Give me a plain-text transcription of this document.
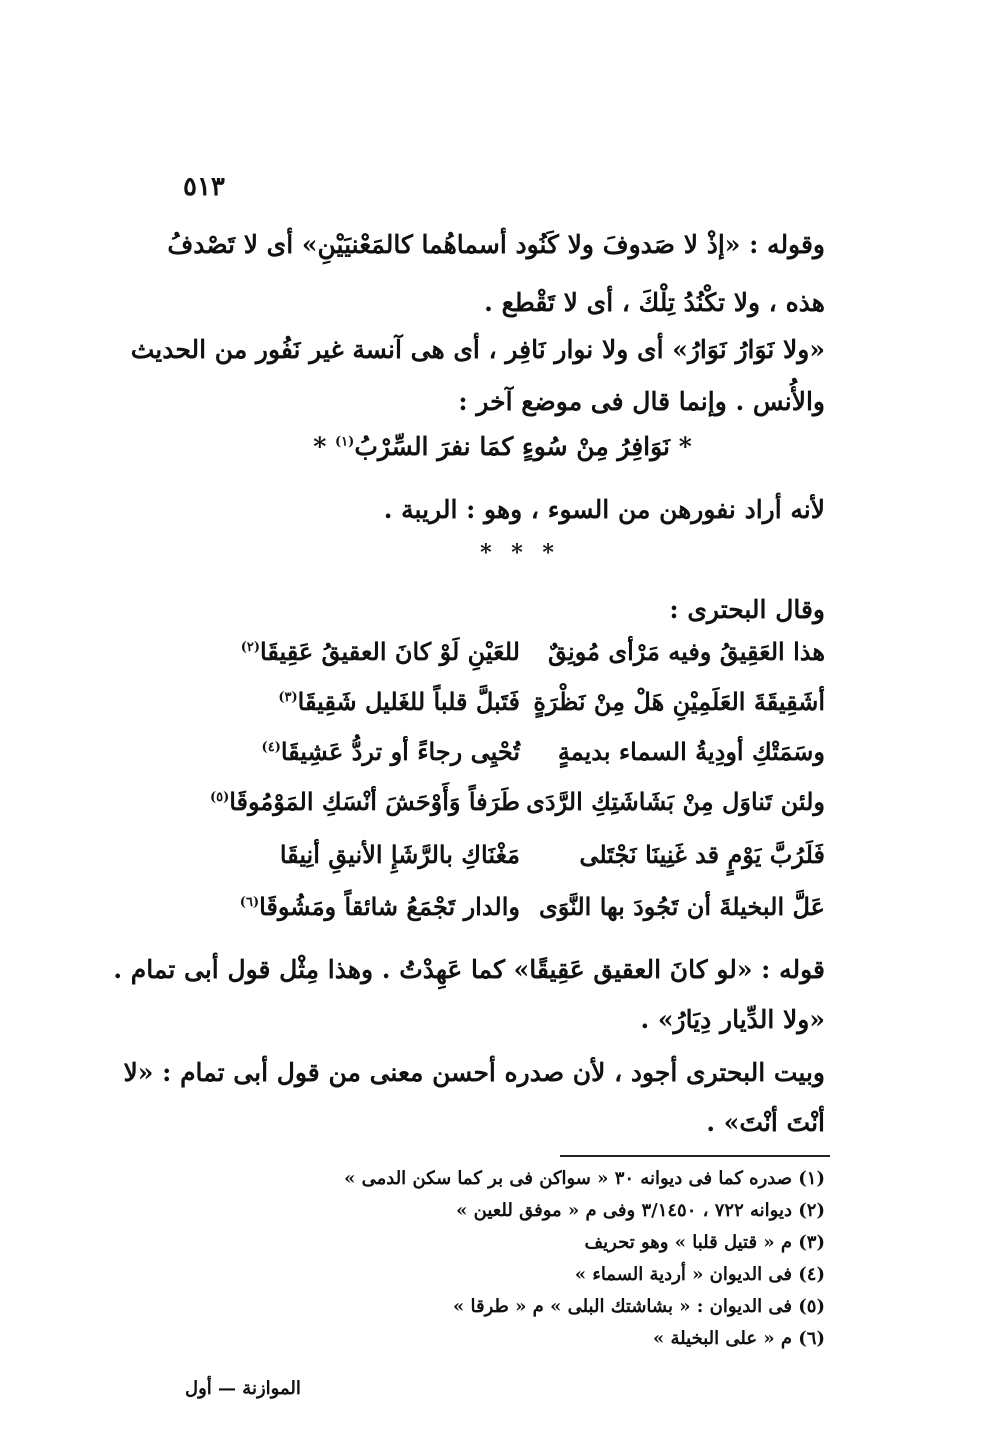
٥١٣
وقوله : «إذْ لا صَدوفَ ولا كَنُود أسماهُما كالمَعْنيَيْنِ» أى لا تَصْدفُ
هذه ، ولا تكْنُدُ تِلْكَ ، أى لا تَقْطع .
«ولا نَوَارُ نَوَارُ» أى ولا نوار نَافِر ، أى هى آنسة غير نَفُور من الحديث
والأُنس . وإنما قال فى موضع آخر :
* نَوَافِرُ مِنْ سُوءٍ كمَا نفرَ السِّرْبُ$^{(١)}$ *
لأنه أراد نفورهن من السوء ، وهو : الريبة .
* * *
وقال البحترى :
هذا العَقِيقُ وفيه مَرْأى مُونِقٌ
للعَيْنِ لَوْ كانَ العقيقُ عَقِيقَا$^{(٢)}$
أشَقِيقَةَ العَلَمِيْنِ هَلْ مِنْ نَظْرَةٍ
فَتَبلَّ قلباً للغَليل شَقِيقَا$^{(٣)}$
وسَمَتْكِ أودِيةُ السماء بديمةٍ
تُحْيِى رجاءً أو تردُّ عَشِيقَا$^{(٤)}$
ولئن تَناوَل مِنْ بَشَاشَتِكِ الرَّدَى
طَرَفاً وَأَوْحَشَ أنْسَكِ المَوْمُوقَا$^{(٥)}$
فَلَرُبَّ يَوْمٍ قد غَنِينَا نَجْتَلى
مَغْنَاكِ بالرَّشَإِ الأنيقِ أنِيقَا
عَلَّ البخيلةَ أن تَجُودَ بها النَّوَى
والدار تَجْمَعُ شائقاً ومَشُوقَا$^{(٦)}$
قوله : «لو كانَ العقيق عَقِيقًا» كما عَهِدْتُ . وهذا مِثْل قول أبى تمام .
«ولا الدِّيار دِيَارُ» .
وبيت البحترى أجود ، لأن صدره أحسن معنى من قول أبى تمام : «لا
أنْتَ أنْتَ» .
(١) صدره كما فى ديوانه ٣٠ « سواكن فى بر كما سكن الدمى »
(٢) ديوانه ٧٢٢ ، ٣/١٤٥٠ وفى م « موفق للعين »
(٣) م « قتيل قلبا » وهو تحريف
(٤) فى الديوان « أردية السماء »
(٥) فى الديوان : « بشاشتك البلى » م « طرقا »
(٦) م « على البخيلة »
الموازنة — أول
